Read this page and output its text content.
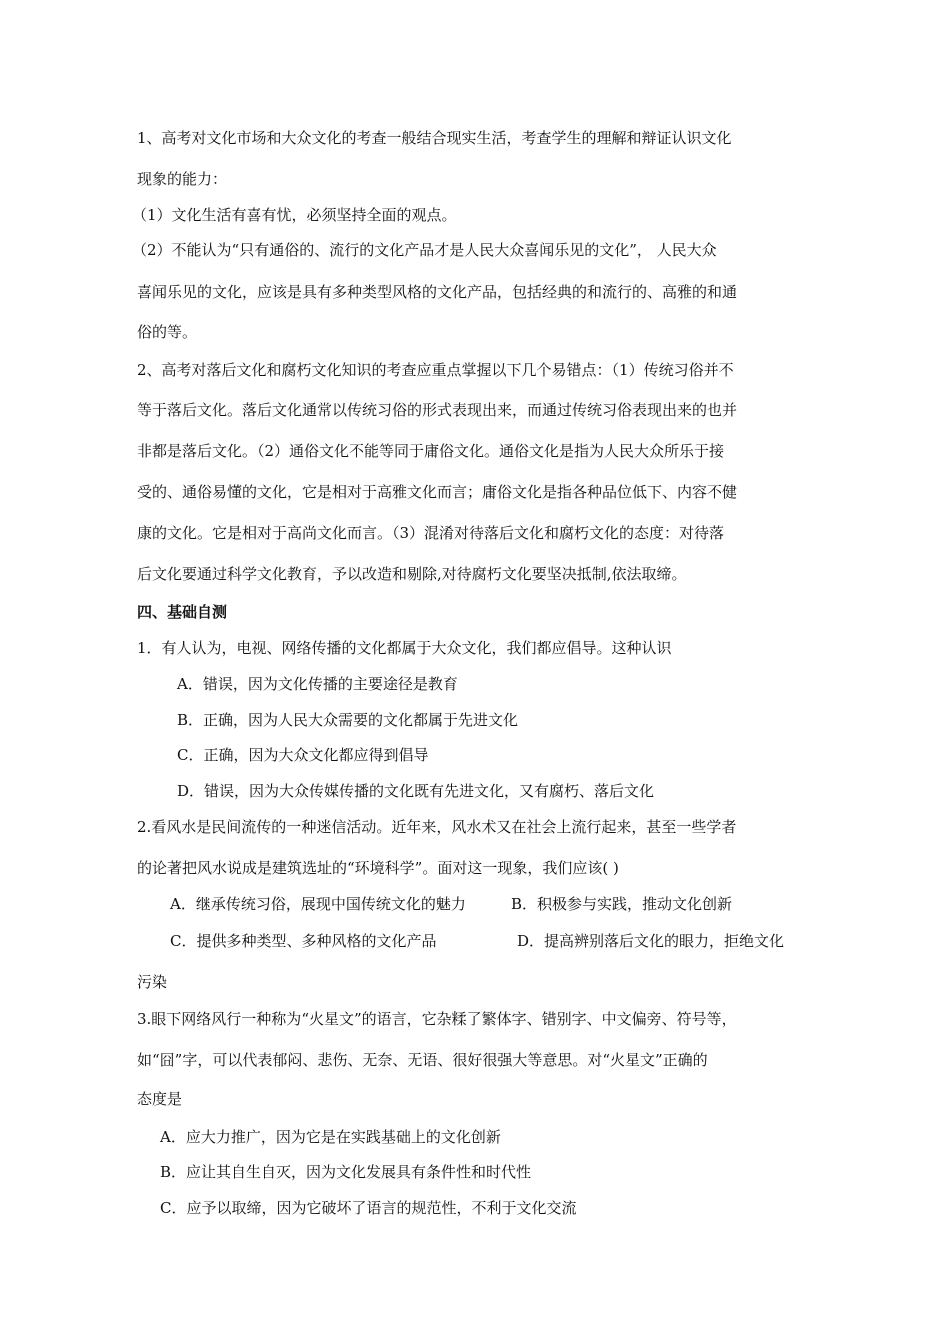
1、高考对文化市场和大众文化的考查一般结合现实生活，考查学生的理解和辩证认识文化
现象的能力：
（1）文化生活有喜有忧，必须坚持全面的观点。
（2）不能认为“只有通俗的、流行的文化产品才是人民大众喜闻乐见的文化”， 人民大众
喜闻乐见的文化，应该是具有多种类型风格的文化产品，包括经典的和流行的、高雅的和通
俗的等。
2、高考对落后文化和腐朽文化知识的考查应重点掌握以下几个易错点：（1）传统习俗并不
等于落后文化。落后文化通常以传统习俗的形式表现出来，而通过传统习俗表现出来的也并
非都是落后文化。（2）通俗文化不能等同于庸俗文化。通俗文化是指为人民大众所乐于接
受的、通俗易懂的文化，它是相对于高雅文化而言；庸俗文化是指各种品位低下、内容不健
康的文化。它是相对于高尚文化而言。（3）混淆对待落后文化和腐朽文化的态度：对待落
后文化要通过科学文化教育，予以改造和剔除,对待腐朽文化要坚决抵制,依法取缔。
四、基础自测
1．有人认为，电视、网络传播的文化都属于大众文化，我们都应倡导。这种认识
A．错误，因为文化传播的主要途径是教育
B．正确，因为人民大众需要的文化都属于先进文化
C．正确，因为大众文化都应得到倡导
D．错误，因为大众传媒传播的文化既有先进文化，又有腐朽、落后文化
2.看风水是民间流传的一种迷信活动。近年来，风水术又在社会上流行起来，甚至一些学者
的论著把风水说成是建筑选址的“环境科学”。面对这一现象，我们应该( )
A．继承传统习俗，展现中国传统文化的魅力	B．积极参与实践，推动文化创新
C．提供多种类型、多种风格的文化产品	D．提高辨别落后文化的眼力，拒绝文化
污染
3.眼下网络风行一种称为“火星文”的语言，它杂糅了繁体字、错别字、中文偏旁、符号等，
如“囧”字，可以代表郁闷、悲伤、无奈、无语、很好很强大等意思。对“火星文”正确的
态度是
A．应大力推广，因为它是在实践基础上的文化创新
B．应让其自生自灭，因为文化发展具有条件性和时代性
C．应予以取缔，因为它破坏了语言的规范性，不利于文化交流
